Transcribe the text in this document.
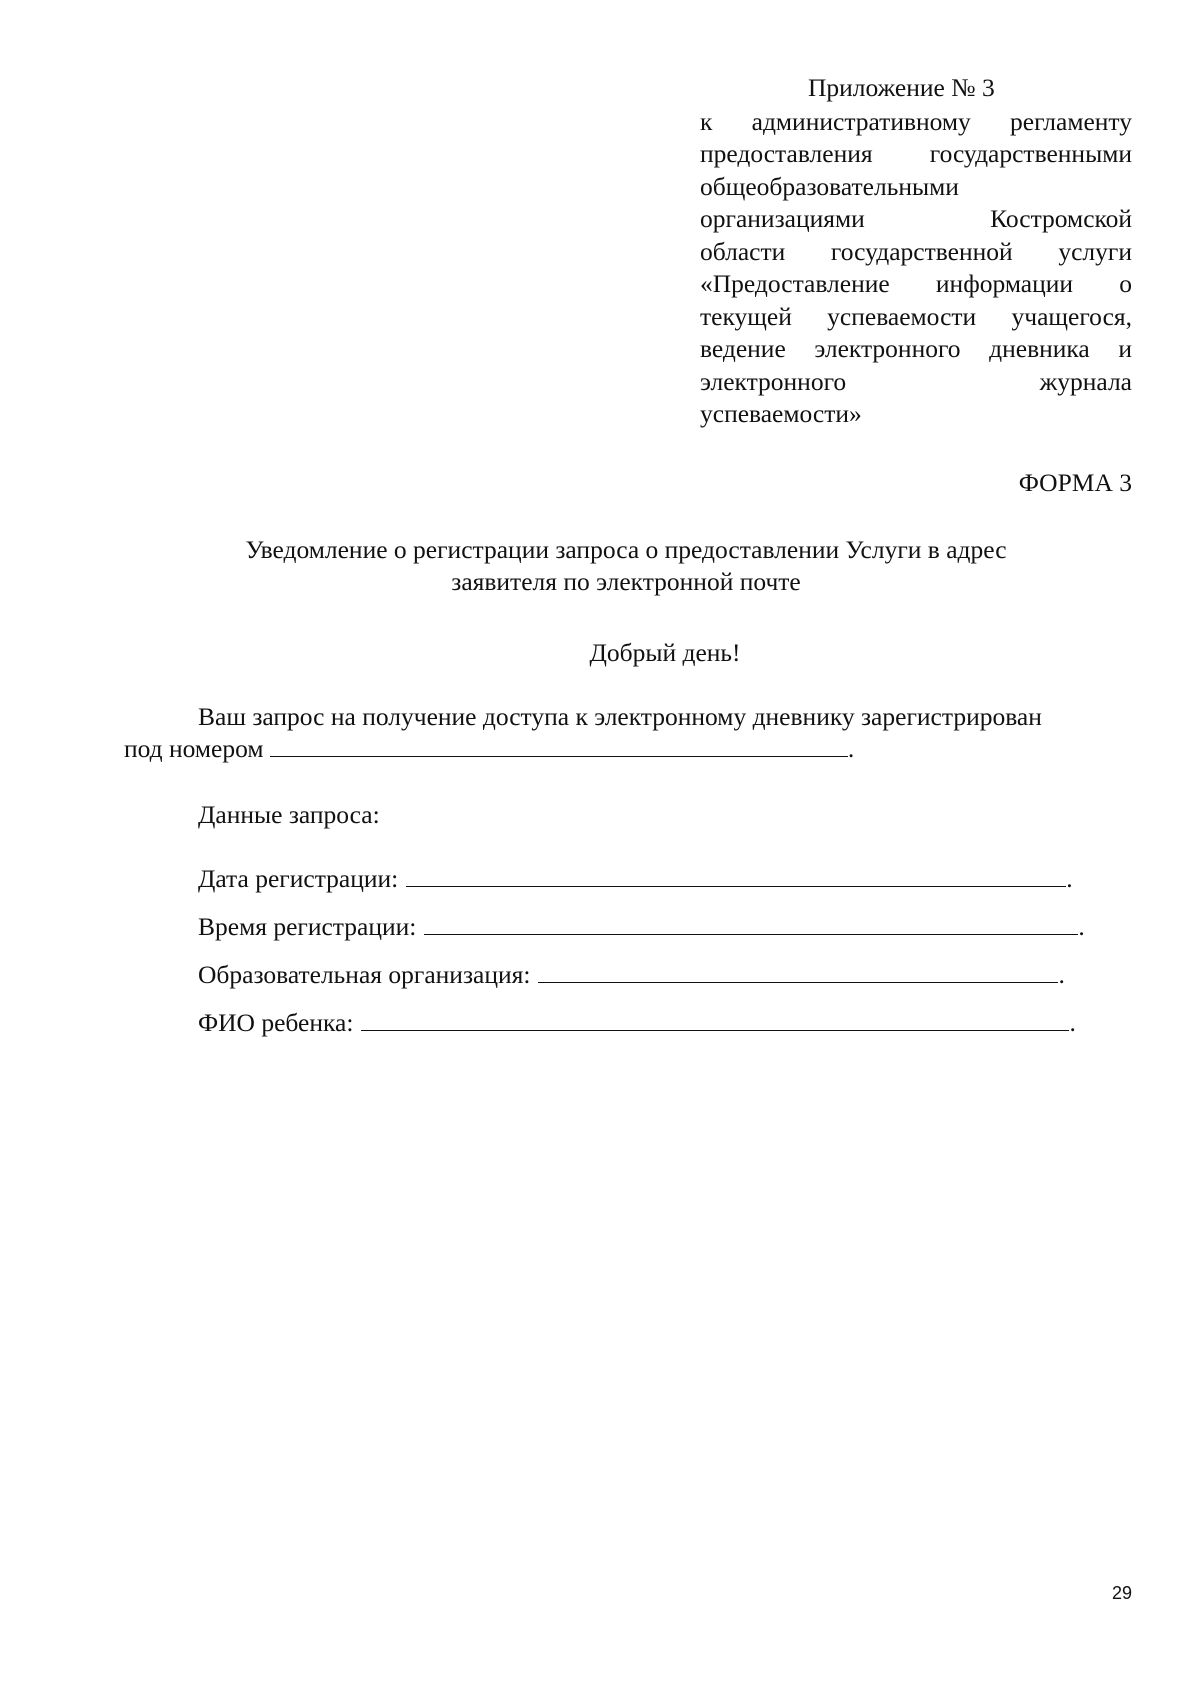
Приложение № 3
к административному регламенту
предоставления государственными
общеобразовательными
организациями Костромской
области государственной услуги
«Предоставление информации о
текущей успеваемости учащегося,
ведение электронного дневника и
электронного журнала
успеваемости»
ФОРМА 3
Уведомление о регистрации запроса о предоставлении Услуги в адрес
заявителя по электронной почте
Добрый день!
Ваш запрос на получение доступа к электронному дневнику зарегистрирован
под номером	.
Данные запроса:
Дата регистрации:	.
Время регистрации:	.
Образовательная организация:	.
ФИО ребенка:	.
29
